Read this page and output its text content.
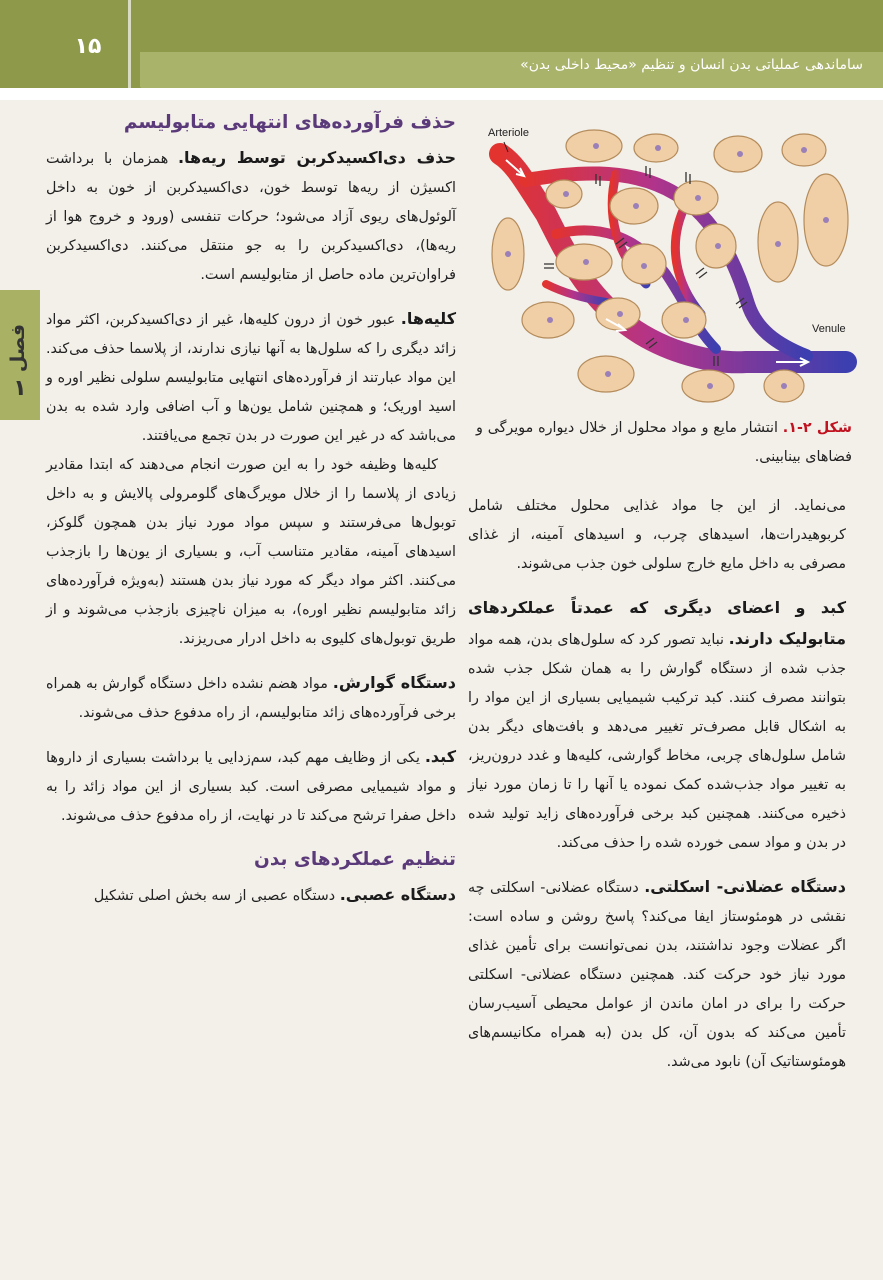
۱۵
ساماندهی عملیاتی بدن انسان و تنظیم «محیط داخلی بدن»
فصل
۱
Arteriole
Venule
شکل ۲-۱. انتشار مایع و مواد محلول از خلال دیواره مویرگی و فضاهای بینابینی.
حذف فرآورده‌های انتهایی متابولیسم

حذف دی‌اکسیدکربن توسط ریه‌ها. همزمان با برداشت اکسیژن از ریه‌ها توسط خون، دی‌اکسیدکربن از خون به داخل آلوئول‌های ریوی آزاد می‌شود؛ حرکات تنفسی (ورود و خروج هوا از ریه‌ها)، دی‌اکسیدکربن را به جو منتقل می‌کنند. دی‌اکسیدکربن فراوان‌ترین ماده حاصل از متابولیسم است.

کلیه‌ها. عبور خون از درون کلیه‌ها، غیر از دی‌اکسیدکربن، اکثر مواد زائد دیگری را که سلول‌ها به آنها نیازی ندارند، از پلاسما حذف می‌کند. این مواد عبارتند از فرآورده‌های انتهایی متابولیسم سلولی نظیر اوره و اسید اوریک؛ و همچنین شامل یون‌ها و آب اضافی وارد شده به بدن می‌باشد که در غیر این صورت در بدن تجمع می‌یافتند.

کلیه‌ها وظیفه خود را به این صورت انجام می‌دهند که ابتدا مقادیر زیادی از پلاسما را از خلال مویرگ‌های گلومرولی پالایش و به داخل توبول‌ها می‌فرستند و سپس مواد مورد نیاز بدن همچون گلوکز، اسیدهای آمینه، مقادیر متناسب آب، و بسیاری از یون‌ها را بازجذب می‌کنند. اکثر مواد دیگر که مورد نیاز بدن هستند (به‌ویژه فرآورده‌های زائد متابولیسم نظیر اوره)، به میزان ناچیزی بازجذب می‌شوند و از طریق توبول‌های کلیوی به داخل ادرار می‌ریزند.

دستگاه گوارش. مواد هضم نشده داخل دستگاه گوارش به همراه برخی فرآورده‌های زائد متابولیسم، از راه مدفوع حذف می‌شوند.

کبد. یکی از وظایف مهم کبد، سم‌زدایی یا برداشت بسیاری از داروها و مواد شیمیایی مصرفی است. کبد بسیاری از این مواد زائد را به داخل صفرا ترشح می‌کند تا در نهایت، از راه مدفوع حذف می‌شوند.

تنظیم عملکردهای بدن

دستگاه عصبی. دستگاه عصبی از سه بخش اصلی تشکیل

می‌نماید. از این جا مواد غذایی محلول مختلف شامل کربوهیدرات‌ها، اسیدهای چرب، و اسیدهای آمینه، از غذای مصرفی به داخل مایع خارج سلولی خون جذب می‌شوند.

کبد و اعضای دیگری که عمدتاً عملکردهای متابولیک دارند. نباید تصور کرد که سلول‌های بدن، همه مواد جذب شده از دستگاه گوارش را به همان شکل جذب شده بتوانند مصرف کنند. کبد ترکیب شیمیایی بسیاری از این مواد را به اشکال قابل مصرف‌تر تغییر می‌دهد و بافت‌های دیگر بدن شامل سلول‌های چربی، مخاط گوارشی، کلیه‌ها و غدد درون‌ریز، به تغییر مواد جذب‌شده کمک نموده یا آنها را تا زمان مورد نیاز ذخیره می‌کنند. همچنین کبد برخی فرآورده‌های زاید تولید شده در بدن و مواد سمی خورده شده را حذف می‌کند.

دستگاه عضلانی- اسکلتی. دستگاه عضلانی- اسکلتی چه نقشی در هومئوستاز ایفا می‌کند؟ پاسخ روشن و ساده است: اگر عضلات وجود نداشتند، بدن نمی‌توانست برای تأمین غذای مورد نیاز خود حرکت کند. همچنین دستگاه عضلانی- اسکلتی حرکت را برای در امان ماندن از عوامل محیطی آسیب‌رسان تأمین می‌کند که بدون آن، کل بدن (به همراه مکانیسم‌های هومئوستاتیک آن) نابود می‌شد.
